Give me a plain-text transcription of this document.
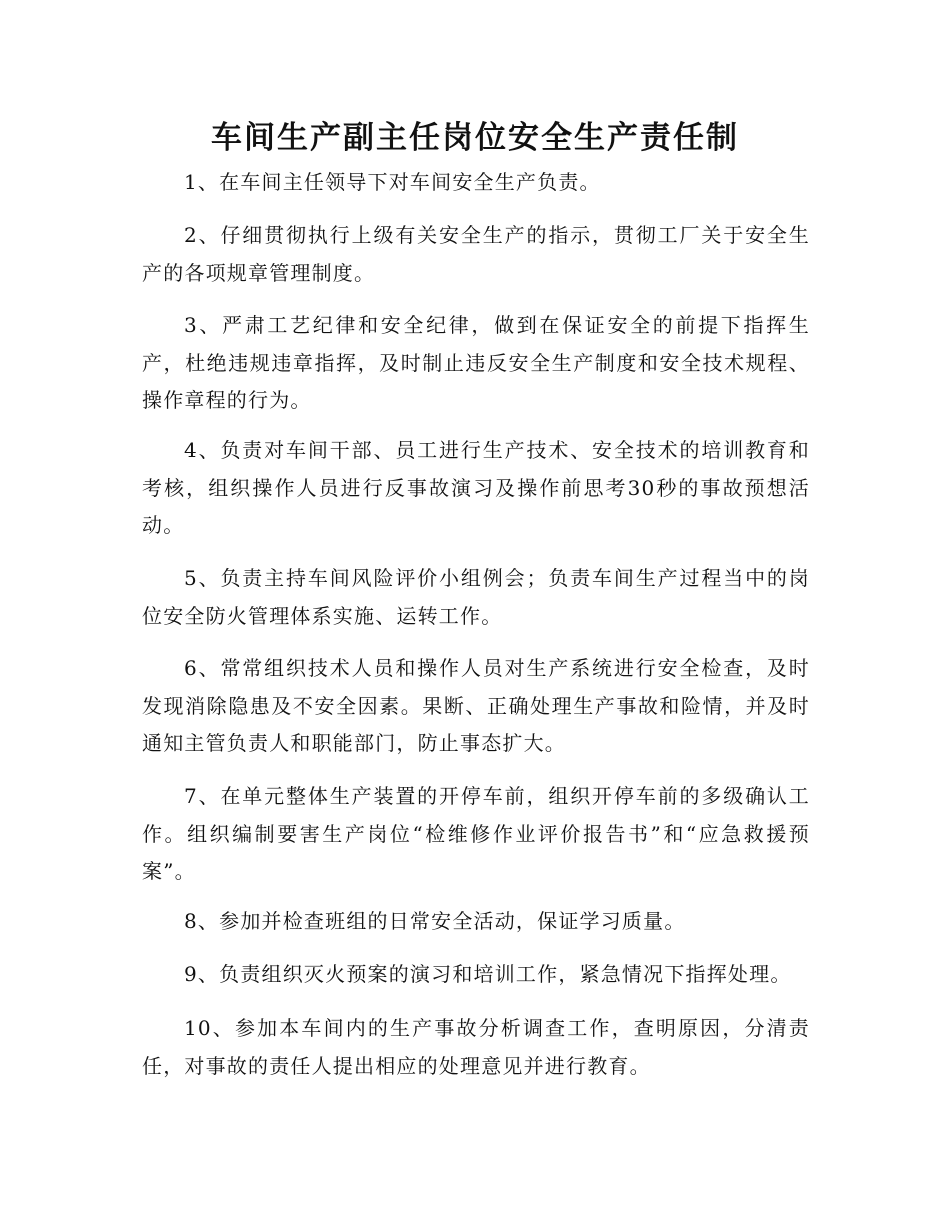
车间生产副主任岗位安全生产责任制

1、在车间主任领导下对车间安全生产负责。

2、仔细贯彻执行上级有关安全生产的指示，贯彻工厂关于安全生产的各项规章管理制度。

3、严肃工艺纪律和安全纪律，做到在保证安全的前提下指挥生产，杜绝违规违章指挥，及时制止违反安全生产制度和安全技术规程、操作章程的行为。

4、负责对车间干部、员工进行生产技术、安全技术的培训教育和考核，组织操作人员进行反事故演习及操作前思考30秒的事故预想活动。

5、负责主持车间风险评价小组例会；负责车间生产过程当中的岗位安全防火管理体系实施、运转工作。

6、常常组织技术人员和操作人员对生产系统进行安全检查，及时发现消除隐患及不安全因素。果断、正确处理生产事故和险情，并及时通知主管负责人和职能部门，防止事态扩大。

7、在单元整体生产装置的开停车前，组织开停车前的多级确认工作。组织编制要害生产岗位“检维修作业评价报告书”和“应急救援预案”。

8、参加并检查班组的日常安全活动，保证学习质量。

9、负责组织灭火预案的演习和培训工作，紧急情况下指挥处理。

10、参加本车间内的生产事故分析调查工作，查明原因，分清责任，对事故的责任人提出相应的处理意见并进行教育。
